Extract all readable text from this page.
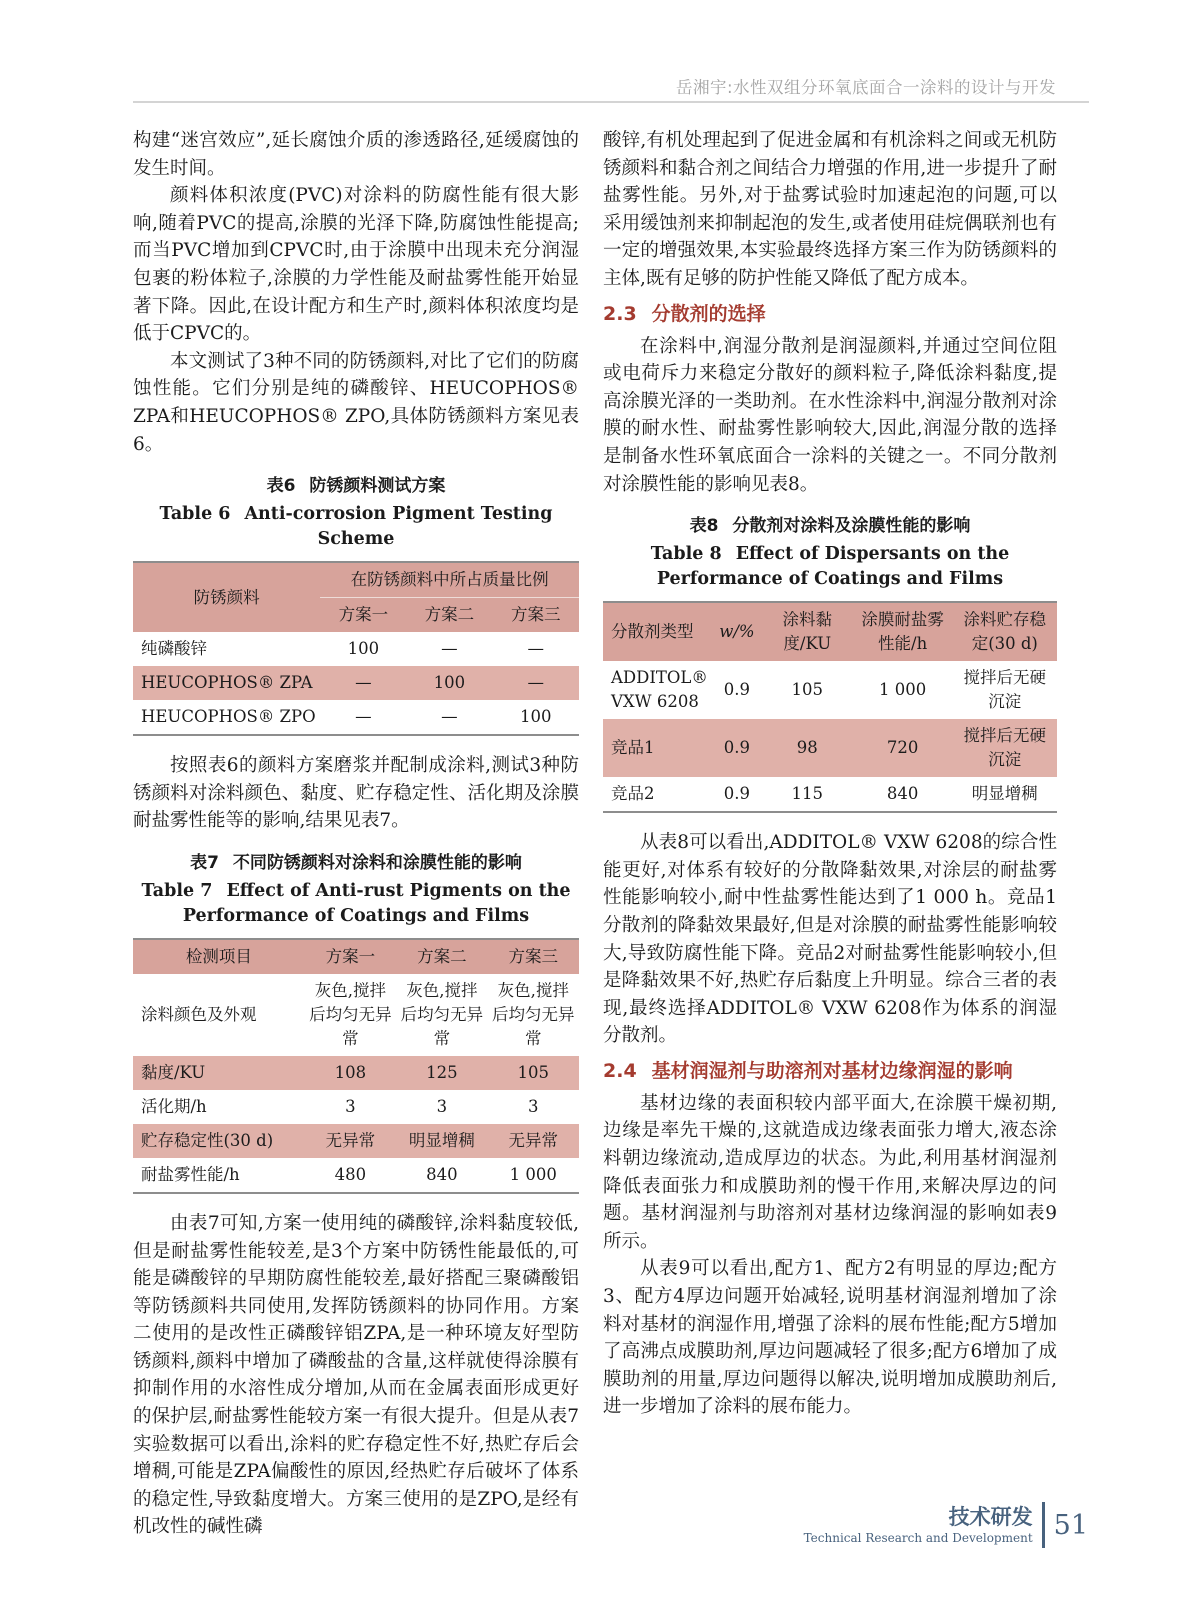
岳湘宇:水性双组分环氧底面合一涂料的设计与开发

构建“迷宫效应”,延长腐蚀介质的渗透路径,延缓腐蚀的发生时间。

颜料体积浓度(PVC)对涂料的防腐性能有很大影响,随着PVC的提高,涂膜的光泽下降,防腐蚀性能提高;而当PVC增加到CPVC时,由于涂膜中出现未充分润湿包裹的粉体粒子,涂膜的力学性能及耐盐雾性能开始显著下降。因此,在设计配方和生产时,颜料体积浓度均是低于CPVC的。

本文测试了3种不同的防锈颜料,对比了它们的防腐蚀性能。它们分别是纯的磷酸锌、HEUCOPHOS® ZPA和HEUCOPHOS® ZPO,具体防锈颜料方案见表6。

表6 防锈颜料测试方案
Table 6 Anti-corrosion Pigment Testing Scheme
防锈颜料	在防锈颜料中所占质量比例		
	方案一	方案二	方案三
纯磷酸锌	100	—	—
HEUCOPHOS® ZPA	—	100	—
HEUCOPHOS® ZPO	—	—	100

按照表6的颜料方案磨浆并配制成涂料,测试3种防锈颜料对涂料颜色、黏度、贮存稳定性、活化期及涂膜耐盐雾性能等的影响,结果见表7。

表7 不同防锈颜料对涂料和涂膜性能的影响
Table 7 Effect of Anti-rust Pigments on the Performance of Coatings and Films
检测项目	方案一	方案二	方案三
涂料颜色及外观	灰色,搅拌后均匀无异常	灰色,搅拌后均匀无异常	灰色,搅拌后均匀无异常
黏度/KU	108	125	105
活化期/h	3	3	3
贮存稳定性(30 d)	无异常	明显增稠	无异常
耐盐雾性能/h	480	840	1 000

由表7可知,方案一使用纯的磷酸锌,涂料黏度较低,但是耐盐雾性能较差,是3个方案中防锈性能最低的,可能是磷酸锌的早期防腐性能较差,最好搭配三聚磷酸铝等防锈颜料共同使用,发挥防锈颜料的协同作用。方案二使用的是改性正磷酸锌铝ZPA,是一种环境友好型防锈颜料,颜料中增加了磷酸盐的含量,这样就使得涂膜有抑制作用的水溶性成分增加,从而在金属表面形成更好的保护层,耐盐雾性能较方案一有很大提升。但是从表7实验数据可以看出,涂料的贮存稳定性不好,热贮存后会增稠,可能是ZPA偏酸性的原因,经热贮存后破坏了体系的稳定性,导致黏度增大。方案三使用的是ZPO,是经有机改性的碱性磷

酸锌,有机处理起到了促进金属和有机涂料之间或无机防锈颜料和黏合剂之间结合力增强的作用,进一步提升了耐盐雾性能。另外,对于盐雾试验时加速起泡的问题,可以采用缓蚀剂来抑制起泡的发生,或者使用硅烷偶联剂也有一定的增强效果,本实验最终选择方案三作为防锈颜料的主体,既有足够的防护性能又降低了配方成本。

2.3 分散剂的选择

在涂料中,润湿分散剂是润湿颜料,并通过空间位阻或电荷斥力来稳定分散好的颜料粒子,降低涂料黏度,提高涂膜光泽的一类助剂。在水性涂料中,润湿分散剂对涂膜的耐水性、耐盐雾性影响较大,因此,润湿分散的选择是制备水性环氧底面合一涂料的关键之一。不同分散剂对涂膜性能的影响见表8。

表8 分散剂对涂料及涂膜性能的影响
Table 8 Effect of Dispersants on the Performance of Coatings and Films
分散剂类型	w/%	涂料黏度/KU	涂膜耐盐雾性能/h	涂料贮存稳定(30 d)
ADDITOL® VXW 6208	0.9	105	1 000	搅拌后无硬沉淀
竞品1	0.9	98	720	搅拌后无硬沉淀
竞品2	0.9	115	840	明显增稠

从表8可以看出,ADDITOL® VXW 6208的综合性能更好,对体系有较好的分散降黏效果,对涂层的耐盐雾性能影响较小,耐中性盐雾性能达到了1 000 h。竞品1分散剂的降黏效果最好,但是对涂膜的耐盐雾性能影响较大,导致防腐性能下降。竞品2对耐盐雾性能影响较小,但是降黏效果不好,热贮存后黏度上升明显。综合三者的表现,最终选择ADDITOL® VXW 6208作为体系的润湿分散剂。

2.4 基材润湿剂与助溶剂对基材边缘润湿的影响

基材边缘的表面积较内部平面大,在涂膜干燥初期,边缘是率先干燥的,这就造成边缘表面张力增大,液态涂料朝边缘流动,造成厚边的状态。为此,利用基材润湿剂降低表面张力和成膜助剂的慢干作用,来解决厚边的问题。基材润湿剂与助溶剂对基材边缘润湿的影响如表9所示。

从表9可以看出,配方1、配方2有明显的厚边;配方3、配方4厚边问题开始减轻,说明基材润湿剂增加了涂料对基材的润湿作用,增强了涂料的展布性能;配方5增加了高沸点成膜助剂,厚边问题减轻了很多;配方6增加了成膜助剂的用量,厚边问题得以解决,说明增加成膜助剂后,进一步增加了涂料的展布能力。

技术研发
Technical Research and Development 51
